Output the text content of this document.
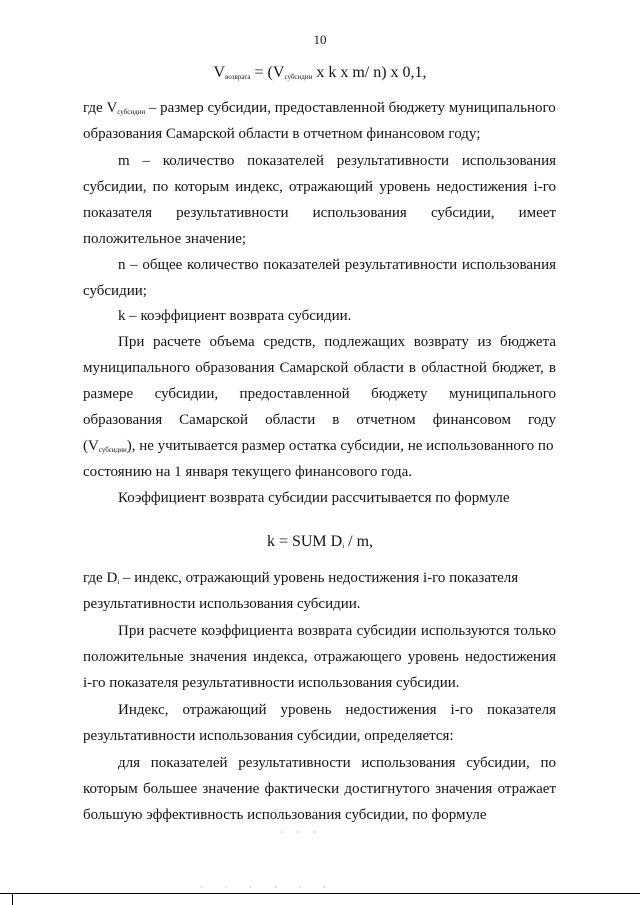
10
$V_{возврата} = (V_{субсидии}$ x k x m/ n) x 0,1,
где $V_{субсидии}$ – размер субсидии, предоставленной бюджету муниципального
образования Самарской области в отчетном финансовом году;
m – количество показателей результативности использования
субсидии, по которым индекс, отражающий уровень недостижения i-го
показателя результативности использования субсидии, имеет
положительное значение;
n – общее количество показателей результативности использования
субсидии;
k – коэффициент возврата субсидии.
При расчете объема средств, подлежащих возврату из бюджета
муниципального образования Самарской области в областной бюджет, в
размере субсидии, предоставленной бюджету муниципального
образования Самарской области в отчетном финансовом году
$(V_{субсидии})$, не учитывается размер остатка субсидии, не использованного по
состоянию на 1 января текущего финансового года.
Коэффициент возврата субсидии рассчитывается по формуле
k = SUM $D_i$ / m,
где $D_i$ – индекс, отражающий уровень недостижения i-го показателя
результативности использования субсидии.
При расчете коэффициента возврата субсидии используются только
положительные значения индекса, отражающего уровень недостижения
i-го показателя результативности использования субсидии.
Индекс, отражающий уровень недостижения i-го показателя
результативности использования субсидии, определяется:
для показателей результативности использования субсидии, по
которым большее значение фактически достигнутого значения отражает
большую эффективность использования субсидии, по формуле
· · ·
· · · · · ·
